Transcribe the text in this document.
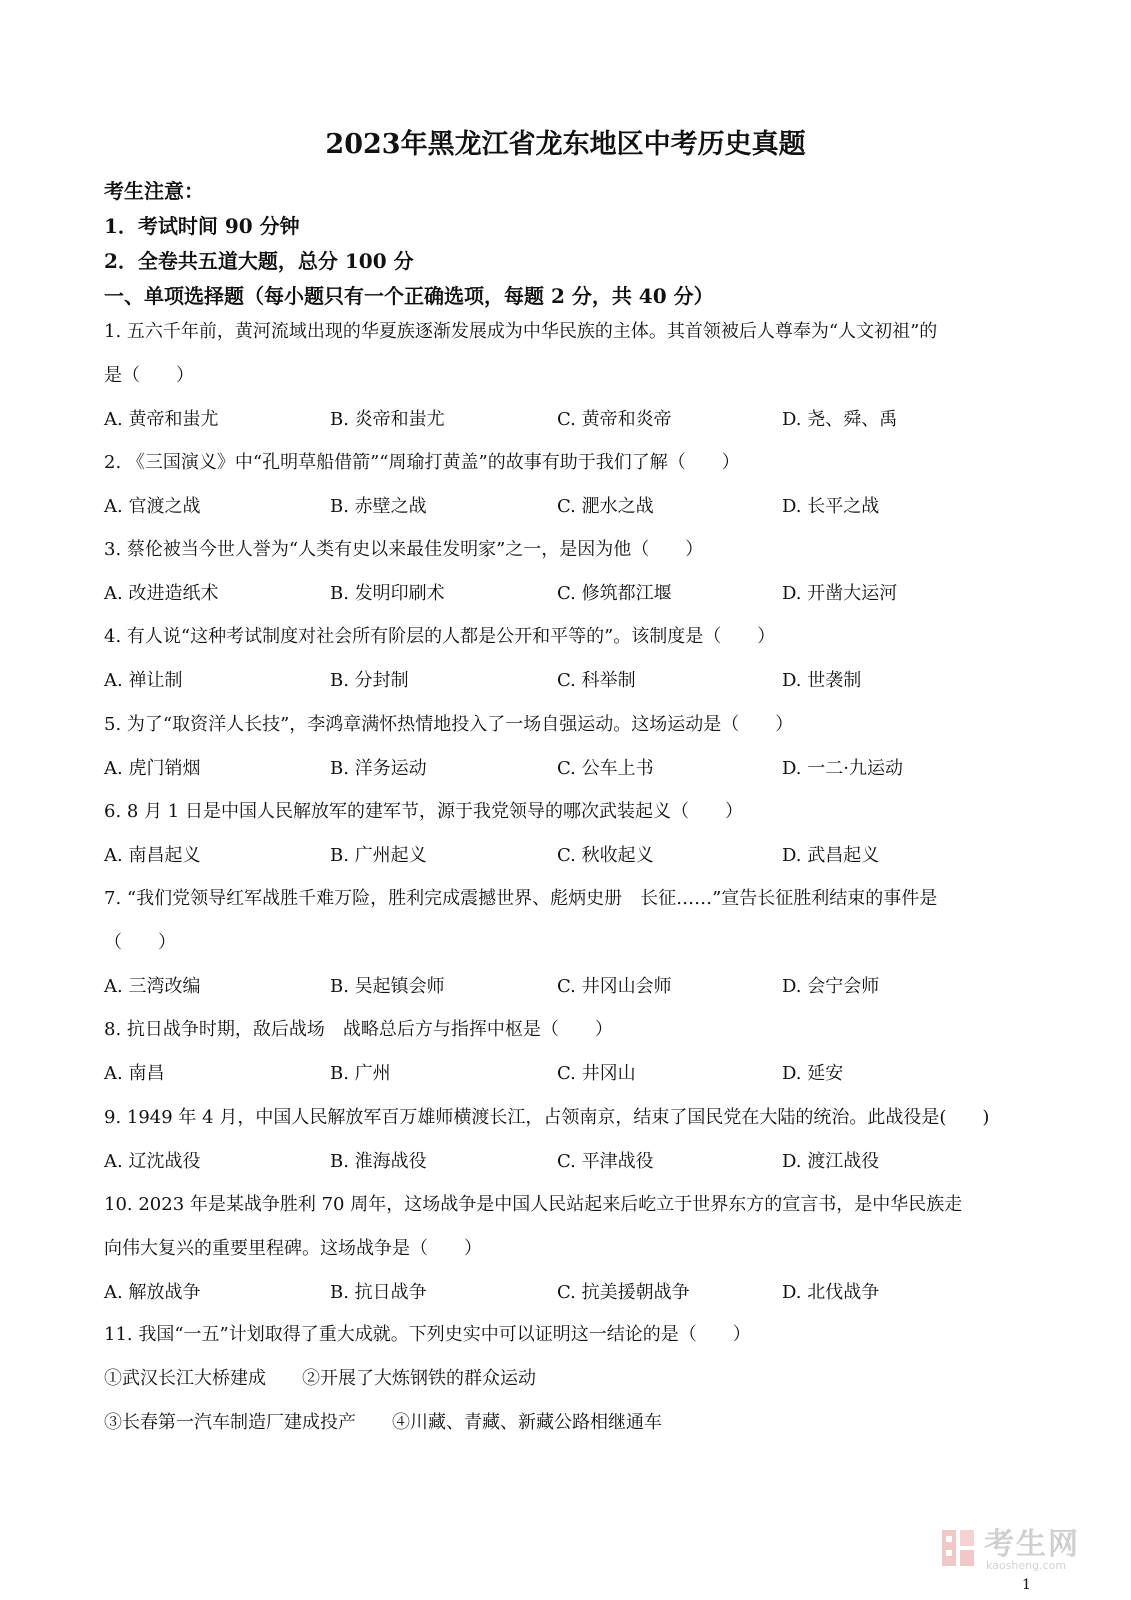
2023年黑龙江省龙东地区中考历史真题
考生注意：
1．考试时间 90 分钟
2．全卷共五道大题，总分 100 分
一、单项选择题（每小题只有一个正确选项，每题 2 分，共 40 分）
1. 五六千年前，黄河流域出现的华夏族逐渐发展成为中华民族的主体。其首领被后人尊奉为“人文初祖”的
是（　　）
A. 黄帝和蚩尤	B. 炎帝和蚩尤	C. 黄帝和炎帝	D. 尧、舜、禹
2. 《三国演义》中“孔明草船借箭”“周瑜打黄盖”的故事有助于我们了解（　　）
A. 官渡之战	B. 赤壁之战	C. 淝水之战	D. 长平之战
3. 蔡伦被当今世人誉为“人类有史以来最佳发明家”之一，是因为他（　　）
A. 改进造纸术	B. 发明印刷术	C. 修筑都江堰	D. 开凿大运河
4. 有人说“这种考试制度对社会所有阶层的人都是公开和平等的”。该制度是（　　）
A. 禅让制	B. 分封制	C. 科举制	D. 世袭制
5. 为了“取资洋人长技”，李鸿章满怀热情地投入了一场自强运动。这场运动是（　　）
A. 虎门销烟	B. 洋务运动	C. 公车上书	D. 一二·九运动
6. 8 月 1 日是中国人民解放军的建军节，源于我党领导的哪次武装起义（　　）
A. 南昌起义	B. 广州起义	C. 秋收起义	D. 武昌起义
7. “我们党领导红军战胜千难万险，胜利完成震撼世界、彪炳史册　长征……”宣告长征胜利结束的事件是
（　　）
A. 三湾改编	B. 吴起镇会师	C. 井冈山会师	D. 会宁会师
8. 抗日战争时期，敌后战场　战略总后方与指挥中枢是（　　）
A. 南昌	B. 广州	C. 井冈山	D. 延安
9. 1949 年 4 月，中国人民解放军百万雄师横渡长江，占领南京，结束了国民党在大陆的统治。此战役是(　　)
A. 辽沈战役	B. 淮海战役	C. 平津战役	D. 渡江战役
10. 2023 年是某战争胜利 70 周年，这场战争是中国人民站起来后屹立于世界东方的宣言书，是中华民族走
向伟大复兴的重要里程碑。这场战争是（　　）
A. 解放战争	B. 抗日战争	C. 抗美援朝战争	D. 北伐战争
11. 我国“一五”计划取得了重大成就。下列史实中可以证明这一结论的是（　　）
①武汉长江大桥建成　　②开展了大炼钢铁的群众运动
③长春第一汽车制造厂建成投产　　④川藏、青藏、新藏公路相继通车
考生网
kaosheng.com
1
